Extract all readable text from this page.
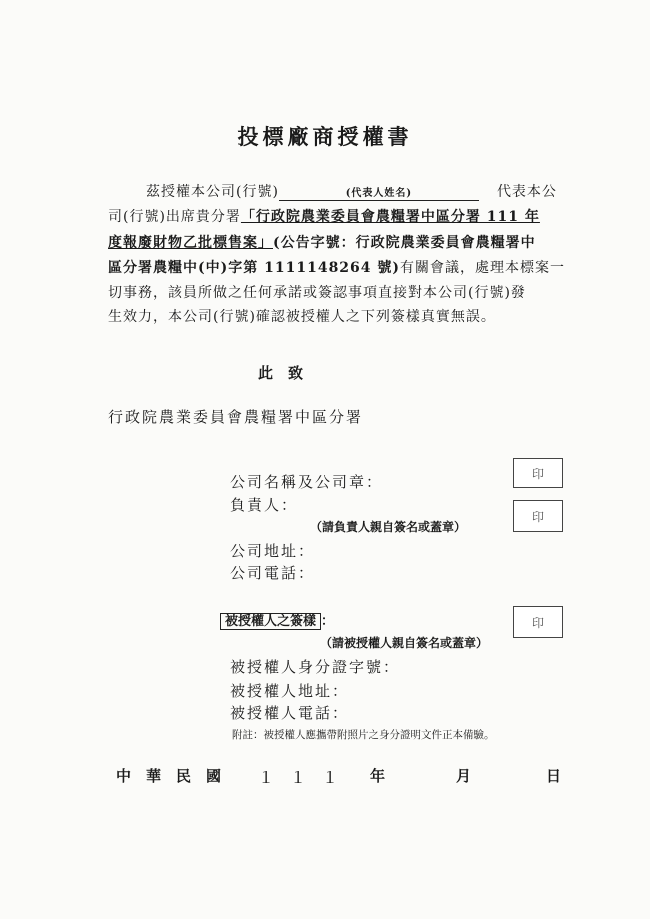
投標廠商授權書
茲授權本公司(行號)	(代表人姓名)	代表本公
司(行號)出席貴分署「行政院農業委員會農糧署中區分署 111 年
度報廢財物乙批標售案」(公告字號：行政院農業委員會農糧署中
區分署農糧中(中)字第 1111148264 號)有關會議，處理本標案一
切事務，該員所做之任何承諾或簽認事項直接對本公司(行號)發
生效力，本公司(行號)確認被授權人之下列簽樣真實無誤。
此　致
行政院農業委員會農糧署中區分署
公司名稱及公司章：	印
負責人：
印
（請負責人親自簽名或蓋章）
公司地址：
公司電話：
被授權人之簽樣 ：	印
（請被授權人親自簽名或蓋章）
被授權人身分證字號：
被授權人地址：
被授權人電話：
附註：被授權人應攜帶附照片之身分證明文件正本備驗。
中　華　民　國 １　１　１ 年	月	日
